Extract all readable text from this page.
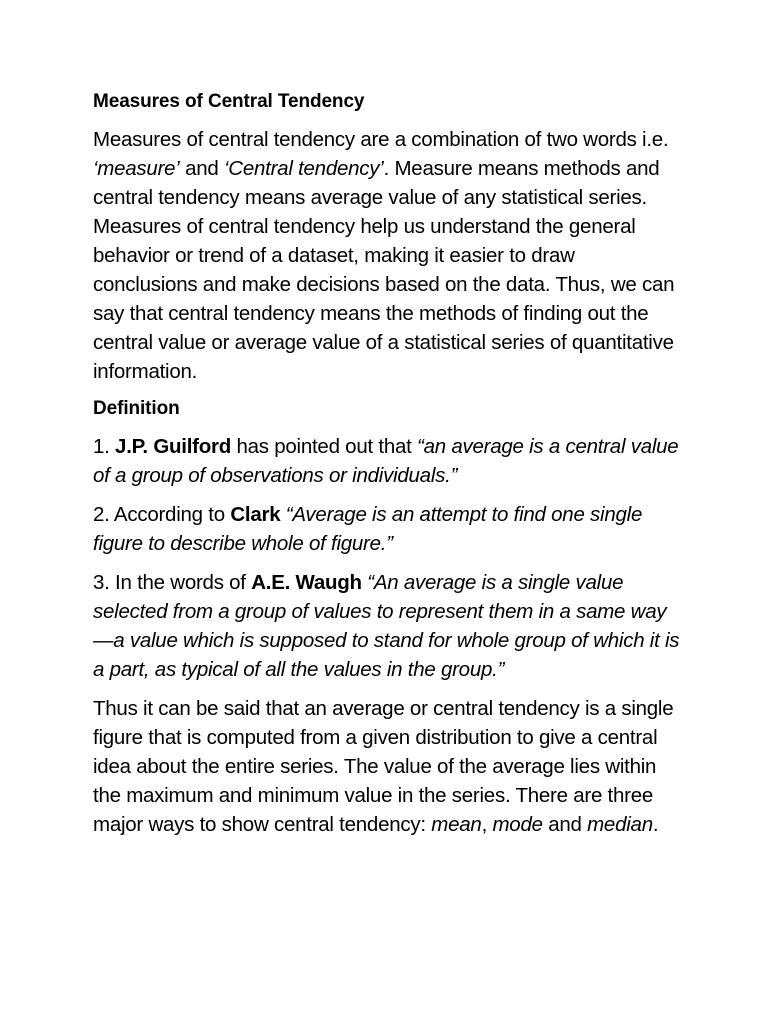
Measures of Central Tendency

Measures of central tendency are a combination of two words i.e. ‘measure’ and ‘Central tendency’. Measure means methods and central tendency means average value of any statistical series. Measures of central tendency help us understand the general behavior or trend of a dataset, making it easier to draw conclusions and make decisions based on the data. Thus, we can say that central tendency means the methods of finding out the central value or average value of a statistical series of quantitative information.

Definition

1. J.P. Guilford has pointed out that “an average is a central value of a group of observations or individuals.”

2. According to Clark “Average is an attempt to find one single figure to describe whole of figure.”

3. In the words of A.E. Waugh “An average is a single value selected from a group of values to represent them in a same way—a value which is supposed to stand for whole group of which it is a part, as typical of all the values in the group.”

Thus it can be said that an average or central tendency is a single figure that is computed from a given distribution to give a central idea about the entire series. The value of the average lies within the maximum and minimum value in the series. There are three major ways to show central tendency: mean, mode and median.
